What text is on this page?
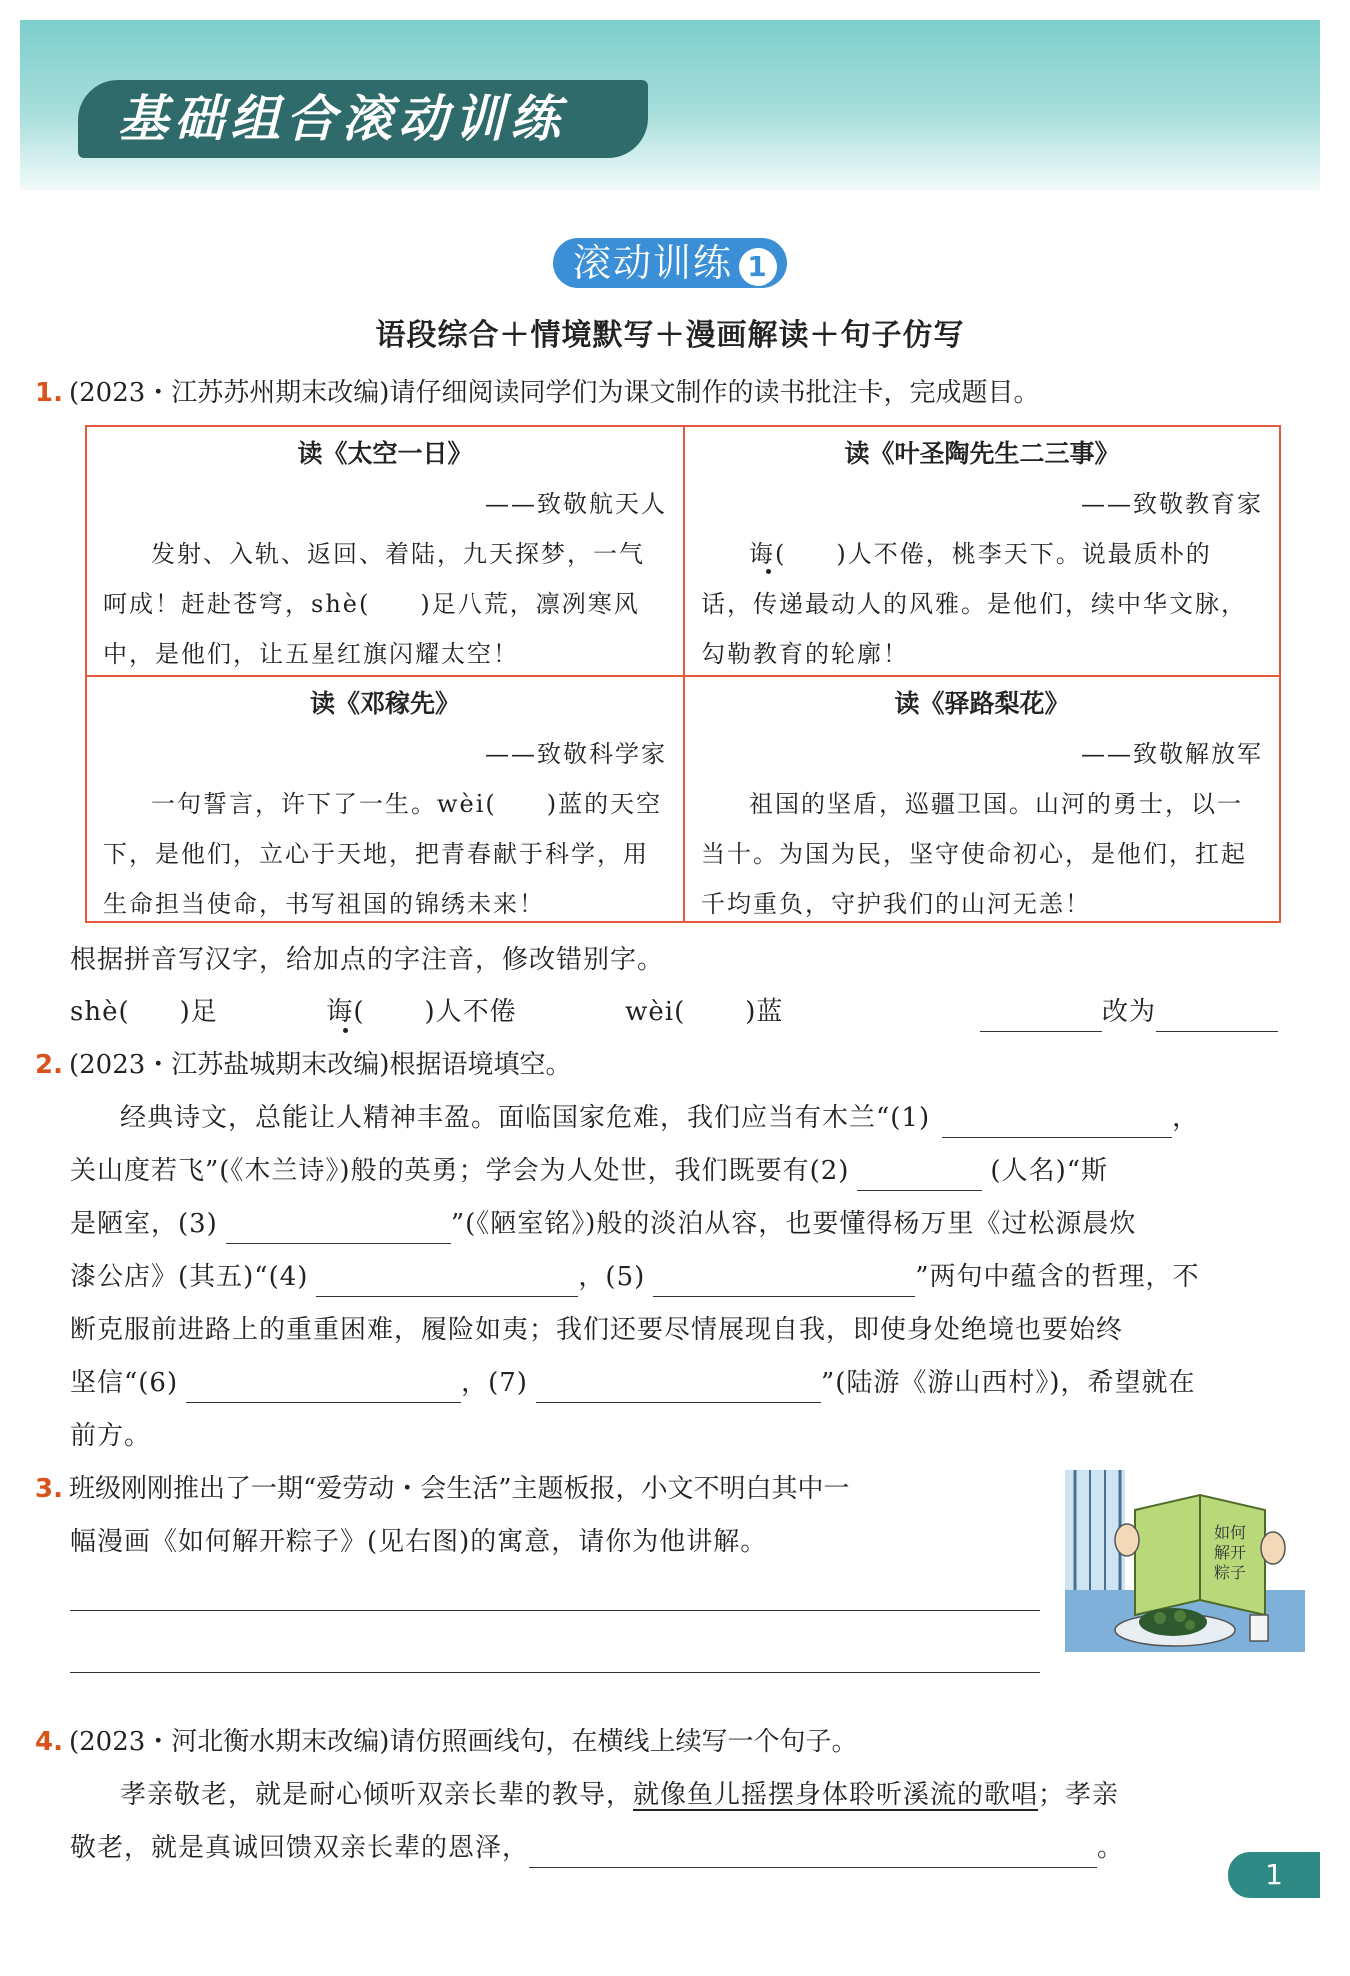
基础组合滚动训练
滚动训练 1
语段综合＋情境默写＋漫画解读＋句子仿写
1. (2023・江苏苏州期末改编)请仔细阅读同学们为课文制作的读书批注卡，完成题目。
读《太空一日》
——致敬航天人
发射、入轨、返回、着陆，九天探梦，一气呵成！赶赴苍穹，shè( )足八荒，凛冽寒风中，是他们，让五星红旗闪耀太空！
读《叶圣陶先生二三事》
——致敬教育家
诲( )人不倦，桃李天下。说最质朴的话，传递最动人的风雅。是他们，续中华文脉，勾勒教育的轮廓！
读《邓稼先》
——致敬科学家
一句誓言，许下了一生。wèi( )蓝的天空下，是他们，立心于天地，把青春献于科学，用生命担当使命，书写祖国的锦绣未来！
读《驿路梨花》
——致敬解放军
祖国的坚盾，巡疆卫国。山河的勇士，以一当十。为国为民，坚守使命初心，是他们，扛起千均重负，守护我们的山河无恙！
根据拼音写汉字，给加点的字注音，修改错别字。
shè( )足	诲( )人不倦	wèi( )蓝	改为
2. (2023・江苏盐城期末改编)根据语境填空。
经典诗文，总能让人精神丰盈。面临国家危难，我们应当有木兰“(1)	，
关山度若飞”(《木兰诗》)般的英勇；学会为人处世，我们既要有(2)	(人名)“斯
是陋室，(3)	”(《陋室铭》)般的淡泊从容，也要懂得杨万里《过松源晨炊
漆公店》(其五)“(4)	，(5)	”两句中蕴含的哲理，不
断克服前进路上的重重困难，履险如夷；我们还要尽情展现自我，即使身处绝境也要始终
坚信“(6)	，(7)	”(陆游《游山西村》)，希望就在
前方。
3. 班级刚刚推出了一期“爱劳动・会生活”主题板报，小文不明白其中一
幅漫画《如何解开粽子》(见右图)的寓意，请你为他讲解。	如何
解开
粽子
4. (2023・河北衡水期末改编)请仿照画线句，在横线上续写一个句子。
孝亲敬老，就是耐心倾听双亲长辈的教导，就像鱼儿摇摆身体聆听溪流的歌唱；孝亲
敬老，就是真诚回馈双亲长辈的恩泽，	。
1
